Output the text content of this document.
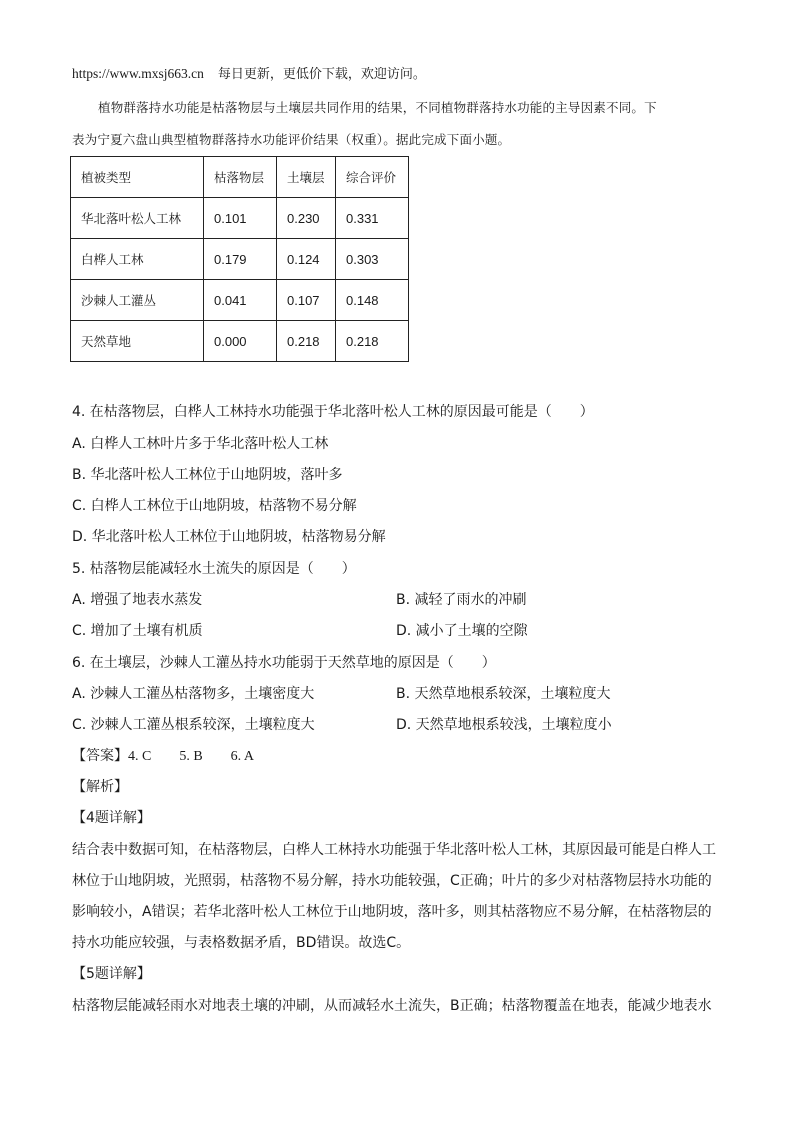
https://www.mxsj663.cn 每日更新，更低价下载，欢迎访问。
植物群落持水功能是枯落物层与土壤层共同作用的结果，不同植物群落持水功能的主导因素不同。下
表为宁夏六盘山典型植物群落持水功能评价结果（权重）。据此完成下面小题。
植被类型	枯落物层	土壤层	综合评价
华北落叶松人工林	0.101	0.230	0.331
白桦人工林	0.179	0.124	0.303
沙棘人工灌丛	0.041	0.107	0.148
天然草地	0.000	0.218	0.218
4. 在枯落物层，白桦人工林持水功能强于华北落叶松人工林的原因最可能是（　　）
A. 白桦人工林叶片多于华北落叶松人工林
B. 华北落叶松人工林位于山地阴坡，落叶多
C. 白桦人工林位于山地阴坡，枯落物不易分解
D. 华北落叶松人工林位于山地阴坡，枯落物易分解
5. 枯落物层能减轻水土流失的原因是（　　）
A. 增强了地表水蒸发	B. 减轻了雨水的冲刷
C. 增加了土壤有机质	D. 减小了土壤的空隙
6. 在土壤层，沙棘人工灌丛持水功能弱于天然草地的原因是（　　）
A. 沙棘人工灌丛枯落物多，土壤密度大	B. 天然草地根系较深，土壤粒度大
C. 沙棘人工灌丛根系较深，土壤粒度大	D. 天然草地根系较浅，土壤粒度小
【答案】4. C　　5. B　　6. A
【解析】
【4题详解】
结合表中数据可知，在枯落物层，白桦人工林持水功能强于华北落叶松人工林，其原因最可能是白桦人工
林位于山地阴坡，光照弱，枯落物不易分解，持水功能较强，C正确；叶片的多少对枯落物层持水功能的
影响较小，A错误；若华北落叶松人工林位于山地阴坡，落叶多，则其枯落物应不易分解，在枯落物层的
持水功能应较强，与表格数据矛盾，BD错误。故选C。
【5题详解】
枯落物层能减轻雨水对地表土壤的冲刷，从而减轻水土流失，B正确；枯落物覆盖在地表，能减少地表水
